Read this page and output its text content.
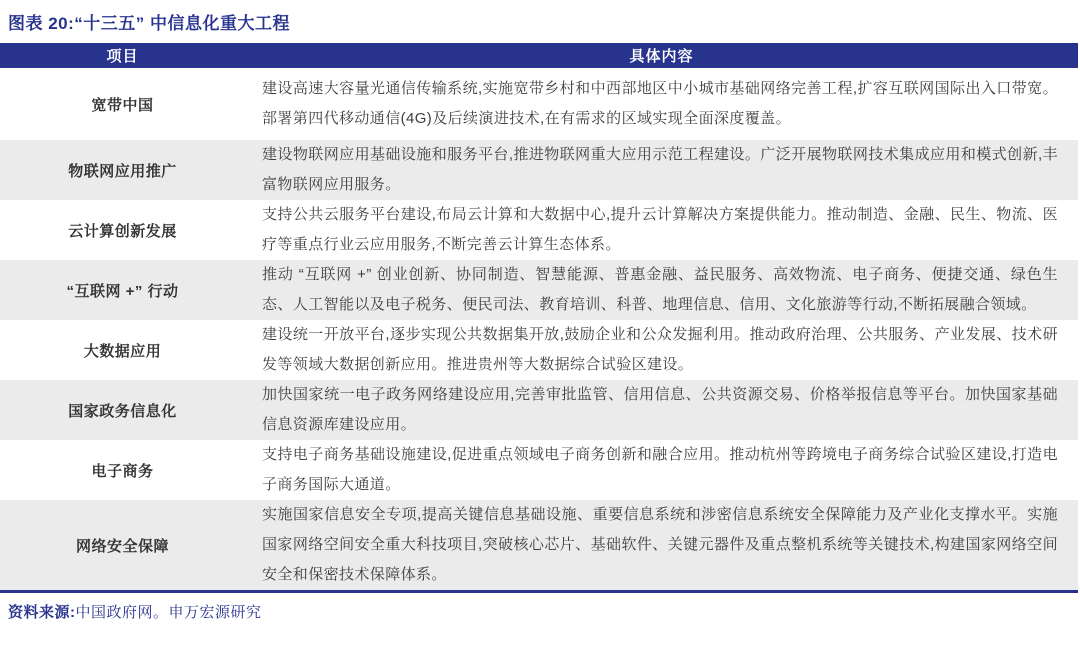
图表 20:“十三五” 中信息化重大工程
项目	具体内容
宽带中国	建设高速大容量光通信传输系统,实施宽带乡村和中西部地区中小城市基础网络完善工程,扩容互联网国际出入口带宽。部署第四代移动通信(4G)及后续演进技术,在有需求的区域实现全面深度覆盖。
物联网应用推广	建设物联网应用基础设施和服务平台,推进物联网重大应用示范工程建设。广泛开展物联网技术集成应用和模式创新,丰富物联网应用服务。
云计算创新发展	支持公共云服务平台建设,布局云计算和大数据中心,提升云计算解决方案提供能力。推动制造、金融、民生、物流、医疗等重点行业云应用服务,不断完善云计算生态体系。
“互联网 +” 行动	推动 “互联网 +” 创业创新、协同制造、智慧能源、普惠金融、益民服务、高效物流、电子商务、便捷交通、绿色生态、人工智能以及电子税务、便民司法、教育培训、科普、地理信息、信用、文化旅游等行动,不断拓展融合领域。
大数据应用	建设统一开放平台,逐步实现公共数据集开放,鼓励企业和公众发掘利用。推动政府治理、公共服务、产业发展、技术研发等领域大数据创新应用。推进贵州等大数据综合试验区建设。
国家政务信息化	加快国家统一电子政务网络建设应用,完善审批监管、信用信息、公共资源交易、价格举报信息等平台。加快国家基础信息资源库建设应用。
电子商务	支持电子商务基础设施建设,促进重点领域电子商务创新和融合应用。推动杭州等跨境电子商务综合试验区建设,打造电子商务国际大通道。
网络安全保障	实施国家信息安全专项,提高关键信息基础设施、重要信息系统和涉密信息系统安全保障能力及产业化支撑水平。实施国家网络空间安全重大科技项目,突破核心芯片、基础软件、关键元器件及重点整机系统等关键技术,构建国家网络空间安全和保密技术保障体系。
资料来源:中国政府网。申万宏源研究
